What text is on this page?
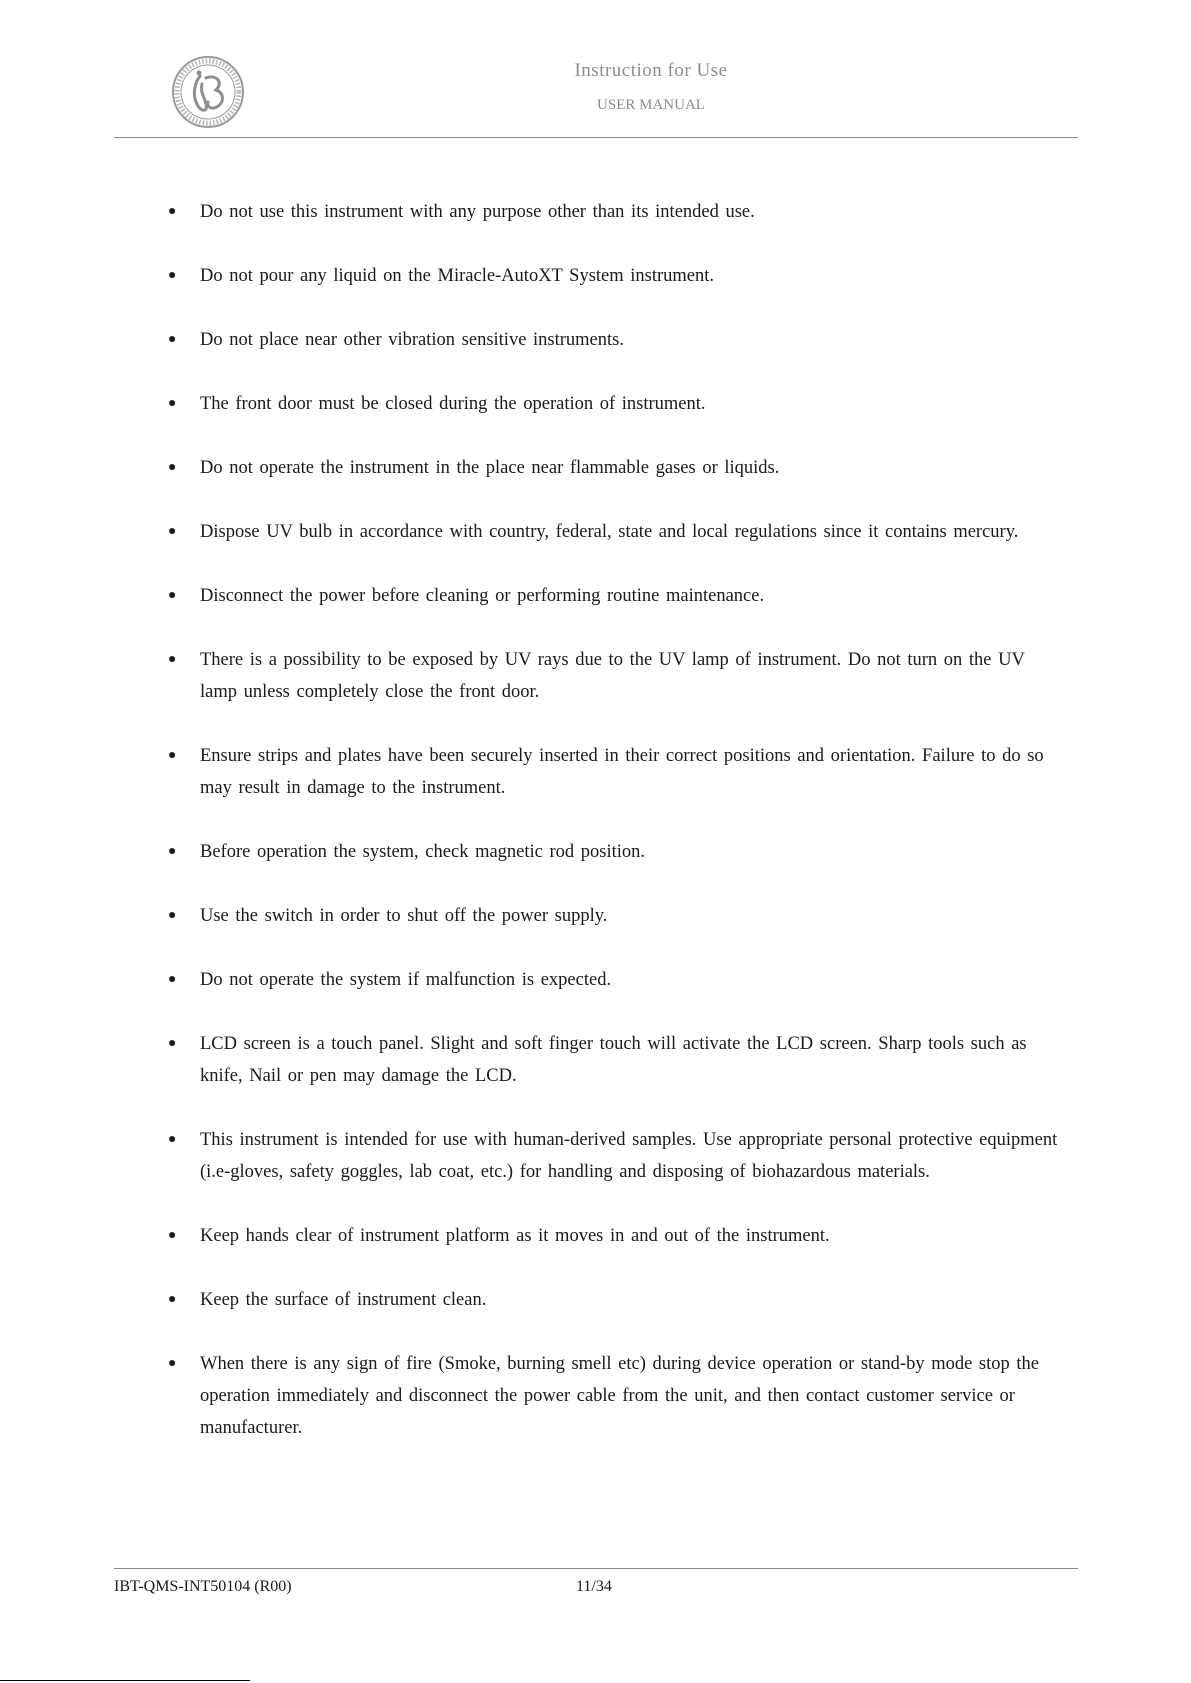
Instruction for Use
USER MANUAL
●	Do not use this instrument with any purpose other than its intended use.
●	Do not pour any liquid on the Miracle-AutoXT System instrument.
●	Do not place near other vibration sensitive instruments.
●	The front door must be closed during the operation of instrument.
●	Do not operate the instrument in the place near flammable gases or liquids.
●	Dispose UV bulb in accordance with country, federal, state and local regulations since it contains mercury.
●	Disconnect the power before cleaning or performing routine maintenance.
●	There is a possibility to be exposed by UV rays due to the UV lamp of instrument. Do not turn on the UV lamp unless completely close the front door.
●	Ensure strips and plates have been securely inserted in their correct positions and orientation. Failure to do so may result in damage to the instrument.
●	Before operation the system, check magnetic rod position.
●	Use the switch in order to shut off the power supply.
●	Do not operate the system if malfunction is expected.
●	LCD screen is a touch panel. Slight and soft finger touch will activate the LCD screen. Sharp tools such as knife, Nail or pen may damage the LCD.
●	This instrument is intended for use with human-derived samples. Use appropriate personal protective equipment (i.e-gloves, safety goggles, lab coat, etc.) for handling and disposing of biohazardous materials.
●	Keep hands clear of instrument platform as it moves in and out of the instrument.
●	Keep the surface of instrument clean.
●	When there is any sign of fire (Smoke, burning smell etc) during device operation or stand-by mode stop the operation immediately and disconnect the power cable from the unit, and then contact customer service or manufacturer.
IBT-QMS-INT50104 (R00)	11/34
